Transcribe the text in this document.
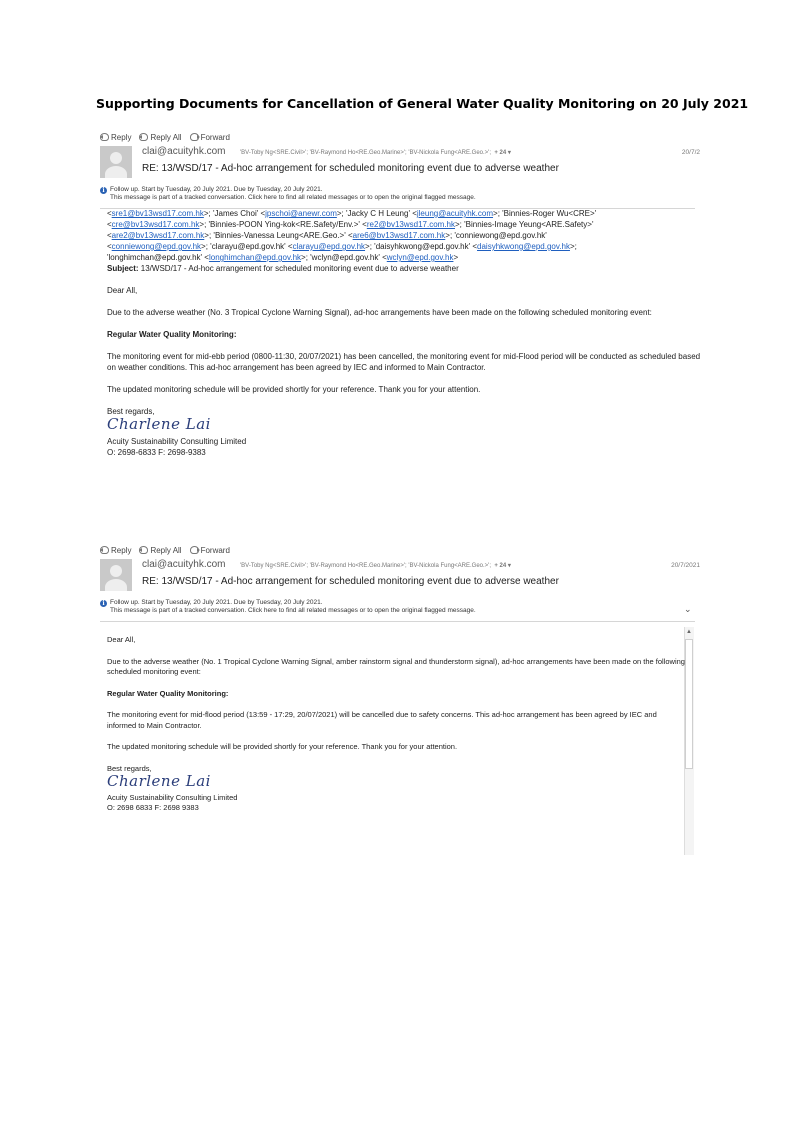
Supporting Documents for Cancellation of General Water Quality Monitoring on 20 July 2021
Reply Reply All Forward
clai@acuityhk.com 'BV-Toby Ng<SRE.Civil>'; 'BV-Raymond Ho<RE.Geo.Marine>'; 'BV-Nickola Fung<ARE.Geo.>'; + 24 ▾	20/7/2
RE: 13/WSD/17 - Ad-hoc arrangement for scheduled monitoring event due to adverse weather
i Follow up. Start by Tuesday, 20 July 2021. Due by Tuesday, 20 July 2021.
This message is part of a tracked conversation. Click here to find all related messages or to open the original flagged message.
<sre1@bv13wsd17.com.hk>; 'James Choi' <jpschoi@anewr.com>; 'Jacky C H Leung' <jleung@acuityhk.com>; 'Binnies-Roger Wu<CRE>'
<cre@bv13wsd17.com.hk>; 'Binnies-POON Ying-kok<RE.Safety/Env.>' <re2@bv13wsd17.com.hk>; 'Binnies-Image Yeung<ARE.Safety>'
<are2@bv13wsd17.com.hk>; 'Binnies-Vanessa Leung<ARE.Geo.>' <are6@bv13wsd17.com.hk>; 'conniewong@epd.gov.hk'
<conniewong@epd.gov.hk>; 'clarayu@epd.gov.hk' <clarayu@epd.gov.hk>; 'daisyhkwong@epd.gov.hk' <daisyhkwong@epd.gov.hk>;
'longhimchan@epd.gov.hk' <longhimchan@epd.gov.hk>; 'wclyn@epd.gov.hk' <wclyn@epd.gov.hk>
Subject: 13/WSD/17 - Ad-hoc arrangement for scheduled monitoring event due to adverse weather

Dear All,

Due to the adverse weather (No. 3 Tropical Cyclone Warning Signal), ad-hoc arrangements have been made on the following scheduled monitoring event:

Regular Water Quality Monitoring:

The monitoring event for mid-ebb period (0800-11:30, 20/07/2021) has been cancelled, the monitoring event for mid-Flood period will be conducted as scheduled based on weather conditions. This ad-hoc arrangement has been agreed by IEC and informed to Main Contractor.

The updated monitoring schedule will be provided shortly for your reference. Thank you for your attention.

Best regards,
Charlene Lai
Acuity Sustainability Consulting Limited
O: 2698-6833 F: 2698-9383
Reply Reply All Forward
clai@acuityhk.com 'BV-Toby Ng<SRE.Civil>'; 'BV-Raymond Ho<RE.Geo.Marine>'; 'BV-Nickola Fung<ARE.Geo.>'; + 24 ▾	20/7/2021
RE: 13/WSD/17 - Ad-hoc arrangement for scheduled monitoring event due to adverse weather
i Follow up. Start by Tuesday, 20 July 2021. Due by Tuesday, 20 July 2021.
This message is part of a tracked conversation. Click here to find all related messages or to open the original flagged message.	⌄
▲

Dear All,

Due to the adverse weather (No. 1 Tropical Cyclone Warning Signal, amber rainstorm signal and thunderstorm signal), ad-hoc arrangements have been made on the following scheduled monitoring event:

Regular Water Quality Monitoring:

The monitoring event for mid-flood period (13:59 - 17:29, 20/07/2021) will be cancelled due to safety concerns. This ad-hoc arrangement has been agreed by IEC and informed to Main Contractor.

The updated monitoring schedule will be provided shortly for your reference. Thank you for your attention.

Best regards,
Charlene Lai
Acuity Sustainability Consulting Limited
O: 2698 6833 F: 2698 9383
